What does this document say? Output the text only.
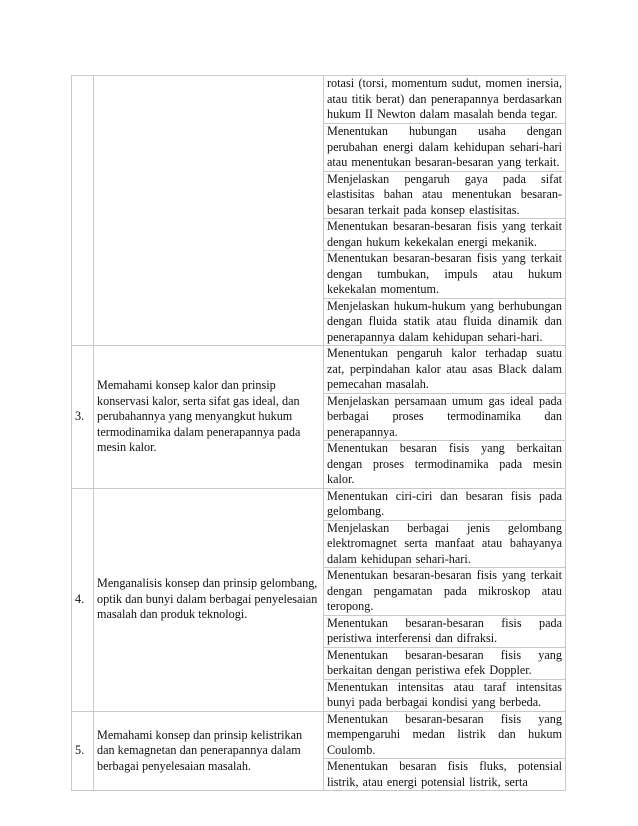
		rotasi (torsi, momentum sudut, momen inersia, atau titik berat) dan penerapannya berdasarkan hukum II Newton dalam masalah benda tegar.
		Menentukan hubungan usaha dengan perubahan energi dalam kehidupan sehari-hari atau menentukan besaran-besaran yang terkait.
		Menjelaskan pengaruh gaya pada sifat elastisitas bahan atau menentukan besaran-besaran terkait pada konsep elastisitas.
		Menentukan besaran-besaran fisis yang terkait dengan hukum kekekalan energi mekanik.
		Menentukan besaran-besaran fisis yang terkait dengan tumbukan, impuls atau hukum kekekalan momentum.
		Menjelaskan hukum-hukum yang berhubungan dengan fluida statik atau fluida dinamik dan penerapannya dalam kehidupan sehari-hari.
3.	Memahami konsep kalor dan prinsip konservasi kalor, serta sifat gas ideal, dan perubahannya yang menyangkut hukum termodinamika dalam penerapannya pada mesin kalor.	Menentukan pengaruh kalor terhadap suatu zat, perpindahan kalor atau asas Black dalam pemecahan masalah.
		Menjelaskan persamaan umum gas ideal pada berbagai proses termodinamika dan penerapannya.
		Menentukan besaran fisis yang berkaitan dengan proses termodinamika pada mesin kalor.
4.	Menganalisis konsep dan prinsip gelombang, optik dan bunyi dalam berbagai penyelesaian masalah dan produk teknologi.	Menentukan ciri-ciri dan besaran fisis pada gelombang.
		Menjelaskan berbagai jenis gelombang elektromagnet serta manfaat atau bahayanya dalam kehidupan sehari-hari.
		Menentukan besaran-besaran fisis yang terkait dengan pengamatan pada mikroskop atau teropong.
		Menentukan besaran-besaran fisis pada peristiwa interferensi dan difraksi.
		Menentukan besaran-besaran fisis yang berkaitan dengan peristiwa efek Doppler.
		Menentukan intensitas atau taraf intensitas bunyi pada berbagai kondisi yang berbeda.
5.	Memahami konsep dan prinsip kelistrikan dan kemagnetan dan penerapannya dalam berbagai penyelesaian masalah.	Menentukan besaran-besaran fisis yang mempengaruhi medan listrik dan hukum Coulomb.
		Menentukan besaran fisis fluks, potensial listrik, atau energi potensial listrik, serta
